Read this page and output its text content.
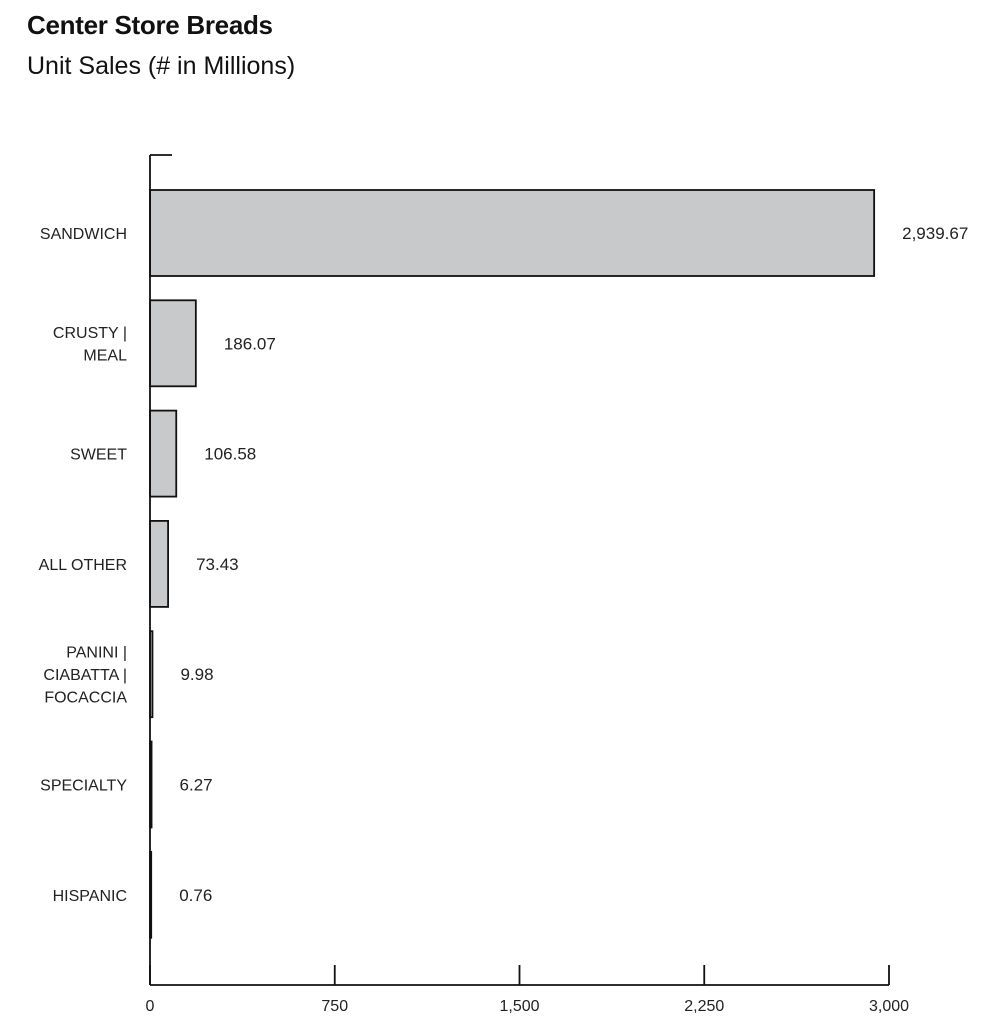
Center Store Breads
Unit Sales (# in Millions)
SANDWICH
CRUSTY | MEAL
SWEET
ALL OTHER
PANINI | CIABATTA | FOCACCIA
SPECIALTY
HISPANIC
2,939.67
186.07
106.58
73.43
9.98
6.27
0.76
0	750	1,500	2,250	3,000
